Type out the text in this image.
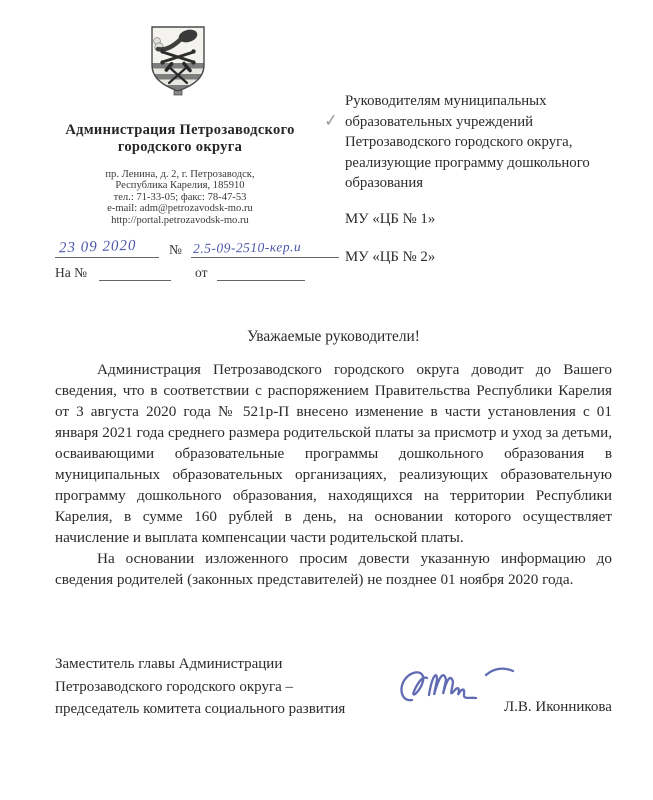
Администрация Петрозаводского городского округа
пр. Ленина, д. 2, г. Петрозаводск,
Республика Карелия, 185910
тел.: 71-33-05; факс: 78-47-53
e-mail: adm@petrozavodsk-mo.ru
http://portal.petrozavodsk-mo.ru
23 09 2020 № 2.5-09-2510-кер.и
На №	от
✓
Руководителям муниципальных образовательных учреждений Петрозаводского городского округа, реализующие программу дошкольного образования
МУ «ЦБ № 1»
МУ «ЦБ № 2»
Уважаемые руководители!

Администрация Петрозаводского городского округа доводит до Вашего сведения, что в соответствии с распоряжением Правительства Республики Карелия от 3 августа 2020 года № 521р-П внесено изменение в части установления с 01 января 2021 года среднего размера родительской платы за присмотр и уход за детьми, осваивающими образовательные программы дошкольного образования в муниципальных образовательных организациях, реализующих образовательную программу дошкольного образования, находящихся на территории Республики Карелия, в сумме 160 рублей в день, на основании которого осуществляет начисление и выплата компенсации части родительской платы.

На основании изложенного просим довести указанную информацию до сведения родителей (законных представителей) не позднее 01 ноября 2020 года.

Заместитель главы Администрации
Петрозаводского городского округа –
председатель комитета социального развития	Л.В. Иконникова
